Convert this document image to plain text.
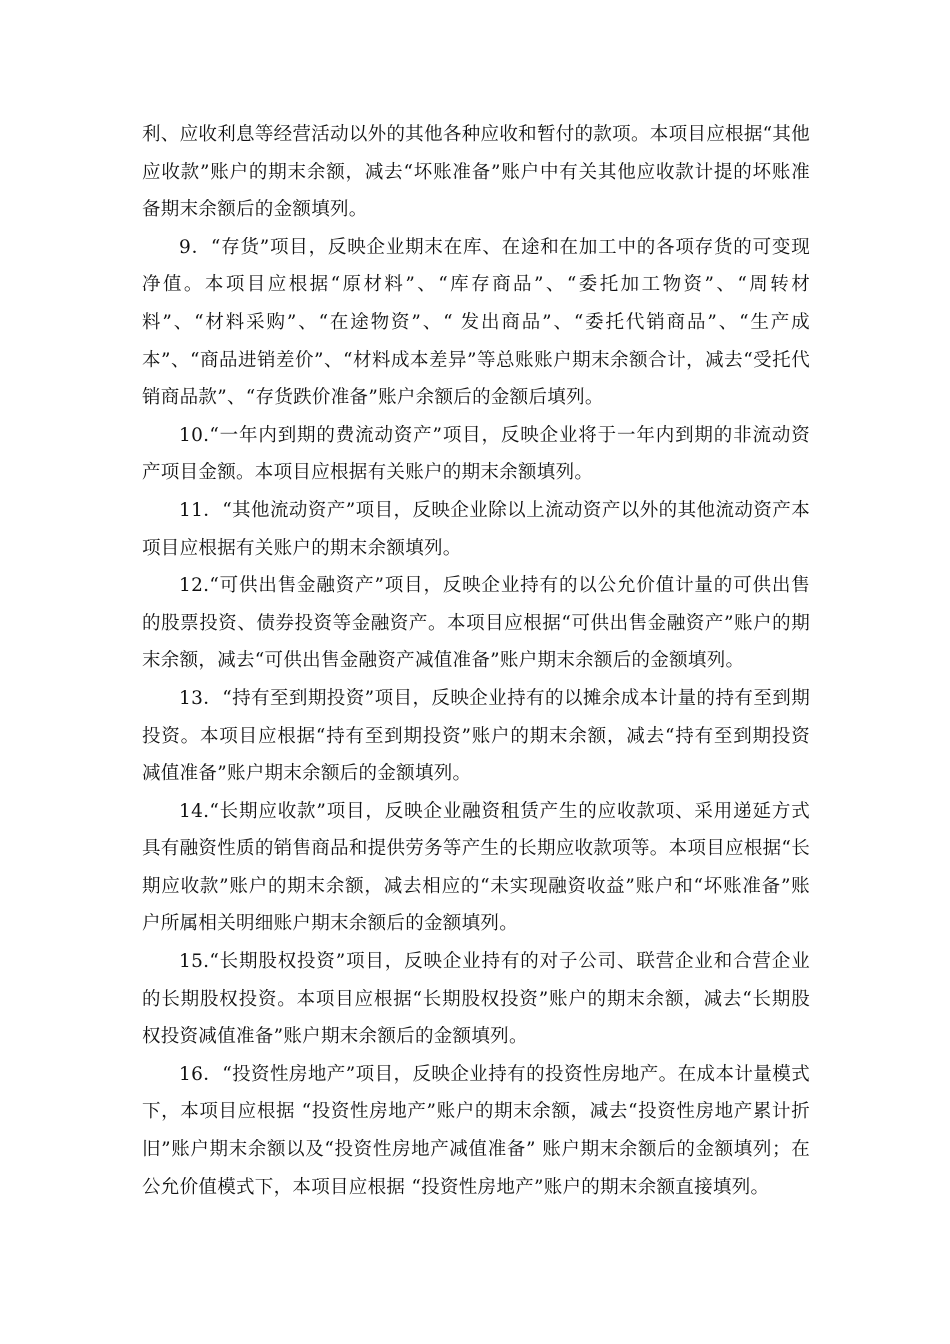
利、应收利息等经营活动以外的其他各种应收和暂付的款项。本项目应根据“其他应收款”账户的期末余额，减去“坏账准备”账户中有关其他应收款计提的坏账准备期末余额后的金额填列。

9．“存货”项目，反映企业期末在库、在途和在加工中的各项存货的可变现净值。本项目应根据“原材料”、“库存商品”、“委托加工物资”、“周转材料”、“材料采购”、“在途物资”、“ 发出商品”、“委托代销商品”、“生产成本”、“商品进销差价”、“材料成本差异”等总账账户期末余额合计，减去“受托代销商品款”、“存货跌价准备”账户余额后的金额后填列。

10.“一年内到期的费流动资产”项目，反映企业将于一年内到期的非流动资产项目金额。本项目应根据有关账户的期末余额填列。

11．“其他流动资产”项目，反映企业除以上流动资产以外的其他流动资产本项目应根据有关账户的期末余额填列。

12.“可供出售金融资产”项目，反映企业持有的以公允价值计量的可供出售的股票投资、债券投资等金融资产。本项目应根据“可供出售金融资产”账户的期末余额，减去“可供出售金融资产减值准备”账户期末余额后的金额填列。

13．“持有至到期投资”项目，反映企业持有的以摊余成本计量的持有至到期投资。本项目应根据“持有至到期投资”账户的期末余额，减去“持有至到期投资减值准备”账户期末余额后的金额填列。

14.“长期应收款”项目，反映企业融资租赁产生的应收款项、采用递延方式具有融资性质的销售商品和提供劳务等产生的长期应收款项等。本项目应根据“长期应收款”账户的期末余额，减去相应的“未实现融资收益”账户和“坏账准备”账户所属相关明细账户期末余额后的金额填列。

15.“长期股权投资”项目，反映企业持有的对子公司、联营企业和合营企业的长期股权投资。本项目应根据“长期股权投资”账户的期末余额，减去“长期股权投资减值准备”账户期末余额后的金额填列。

16．“投资性房地产”项目，反映企业持有的投资性房地产。在成本计量模式下，本项目应根据 “投资性房地产”账户的期末余额，减去“投资性房地产累计折旧”账户期末余额以及“投资性房地产减值准备” 账户期末余额后的金额填列；在公允价值模式下，本项目应根据 “投资性房地产”账户的期末余额直接填列。
